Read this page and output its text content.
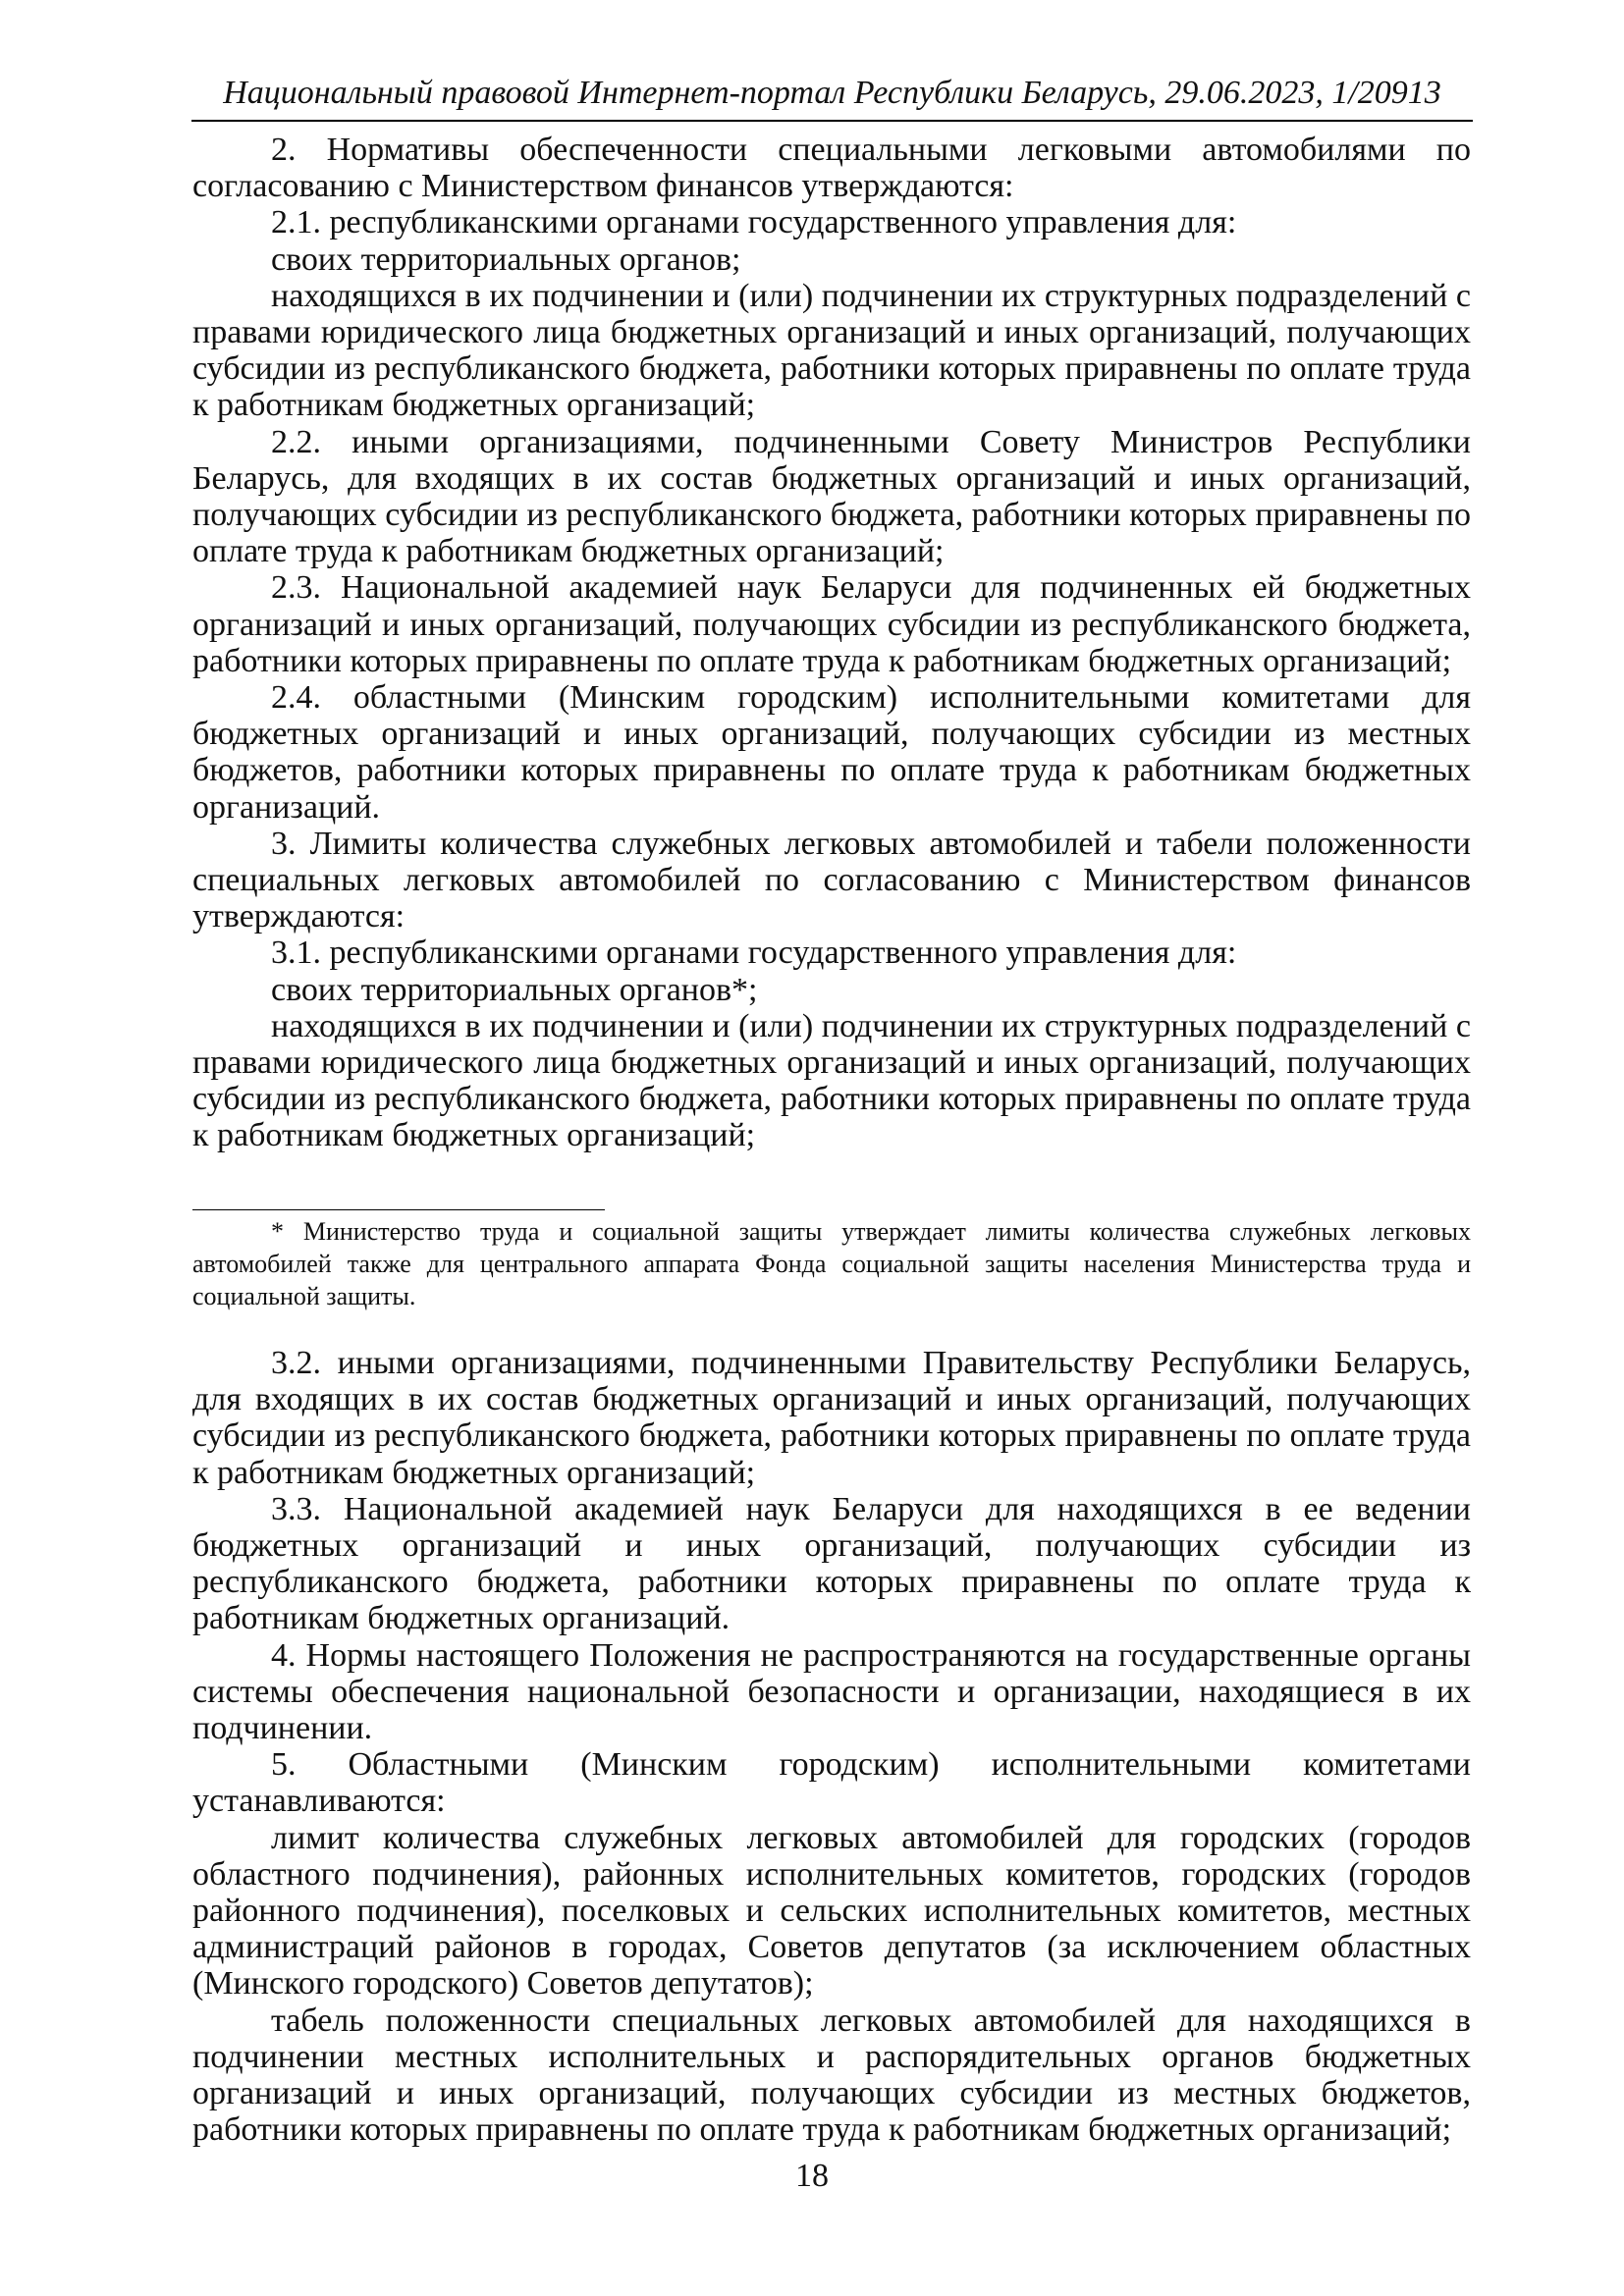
Национальный правовой Интернет-портал Республики Беларусь, 29.06.2023, 1/20913

2. Нормативы обеспеченности специальными легковыми автомобилями по согласованию с Министерством финансов утверждаются:

2.1. республиканскими органами государственного управления для:

своих территориальных органов;

находящихся в их подчинении и (или) подчинении их структурных подразделений с правами юридического лица бюджетных организаций и иных организаций, получающих субсидии из республиканского бюджета, работники которых приравнены по оплате труда к работникам бюджетных организаций;

2.2. иными организациями, подчиненными Совету Министров Республики Беларусь, для входящих в их состав бюджетных организаций и иных организаций, получающих субсидии из республиканского бюджета, работники которых приравнены по оплате труда к работникам бюджетных организаций;

2.3. Национальной академией наук Беларуси для подчиненных ей бюджетных организаций и иных организаций, получающих субсидии из республиканского бюджета, работники которых приравнены по оплате труда к работникам бюджетных организаций;

2.4. областными (Минским городским) исполнительными комитетами для бюджетных организаций и иных организаций, получающих субсидии из местных бюджетов, работники которых приравнены по оплате труда к работникам бюджетных организаций.

3. Лимиты количества служебных легковых автомобилей и табели положенности специальных легковых автомобилей по согласованию с Министерством финансов утверждаются:

3.1. республиканскими органами государственного управления для:

своих территориальных органов*;

находящихся в их подчинении и (или) подчинении их структурных подразделений с правами юридического лица бюджетных организаций и иных организаций, получающих субсидии из республиканского бюджета, работники которых приравнены по оплате труда к работникам бюджетных организаций;

* Министерство труда и социальной защиты утверждает лимиты количества служебных легковых автомобилей также для центрального аппарата Фонда социальной защиты населения Министерства труда и социальной защиты.

3.2. иными организациями, подчиненными Правительству Республики Беларусь, для входящих в их состав бюджетных организаций и иных организаций, получающих субсидии из республиканского бюджета, работники которых приравнены по оплате труда к работникам бюджетных организаций;

3.3. Национальной академией наук Беларуси для находящихся в ее ведении бюджетных организаций и иных организаций, получающих субсидии из республиканского бюджета, работники которых приравнены по оплате труда к работникам бюджетных организаций.

4. Нормы настоящего Положения не распространяются на государственные органы системы обеспечения национальной безопасности и организации, находящиеся в их подчинении.

5. Областными (Минским городским) исполнительными комитетами устанавливаются:

лимит количества служебных легковых автомобилей для городских (городов областного подчинения), районных исполнительных комитетов, городских (городов районного подчинения), поселковых и сельских исполнительных комитетов, местных администраций районов в городах, Советов депутатов (за исключением областных (Минского городского) Советов депутатов);

табель положенности специальных легковых автомобилей для находящихся в подчинении местных исполнительных и распорядительных органов бюджетных организаций и иных организаций, получающих субсидии из местных бюджетов, работники которых приравнены по оплате труда к работникам бюджетных организаций;

18
